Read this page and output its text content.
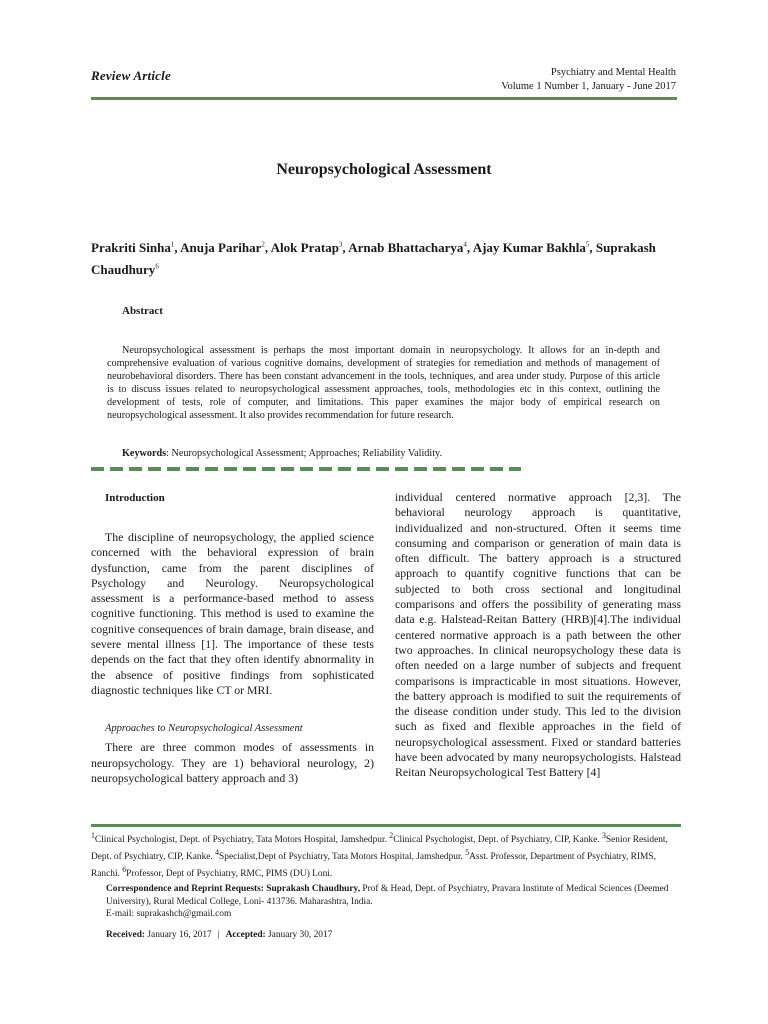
Review Article	Psychiatry and Mental Health
Volume 1 Number 1, January - June 2017
Neuropsychological Assessment
Prakriti Sinha$^1$, Anuja Parihar$^2$, Alok Pratap$^3$, Arnab Bhattacharya$^4$, Ajay Kumar Bakhla$^5$, Suprakash Chaudhury$^6$
Abstract

Neuropsychological assessment is perhaps the most important domain in neuropsychology. It allows for an in-depth and comprehensive evaluation of various cognitive domains, development of strategies for remediation and methods of management of neurobehavioral disorders. There has been constant advancement in the tools, techniques, and area under study. Purpose of this article is to discuss issues related to neuropsychological assessment approaches, tools, methodologies etc in this context, outlining the development of tests, role of computer, and limitations. This paper examines the major body of empirical research on neuropsychological assessment. It also provides recommendation for future research.

Keywords: Neuropsychological Assessment; Approaches; Reliability Validity.
Introduction

The discipline of neuropsychology, the applied science concerned with the behavioral expression of brain dysfunction, came from the parent disciplines of Psychology and Neurology. Neuropsychological assessment is a performance-based method to assess cognitive functioning. This method is used to examine the cognitive consequences of brain damage, brain disease, and severe mental illness [1]. The importance of these tests depends on the fact that they often identify abnormality in the absence of positive findings from sophisticated diagnostic techniques like CT or MRI.

Approaches to Neuropsychological Assessment

There are three common modes of assessments in neuropsychology. They are 1) behavioral neurology, 2) neuropsychological battery approach and 3)

individual centered normative approach [2,3]. The behavioral neurology approach is quantitative, individualized and non-structured. Often it seems time consuming and comparison or generation of main data is often difficult. The battery approach is a structured approach to quantify cognitive functions that can be subjected to both cross sectional and longitudinal comparisons and offers the possibility of generating mass data e.g. Halstead-Reitan Battery (HRB)[4].The individual centered normative approach is a path between the other two approaches. In clinical neuropsychology these data is often needed on a large number of subjects and frequent comparisons is impracticable in most situations. However, the battery approach is modified to suit the requirements of the disease condition under study. This led to the division such as fixed and flexible approaches in the field of neuropsychological assessment. Fixed or standard batteries have been advocated by many neuropsychologists. Halstead Reitan Neuropsychological Test Battery [4]

$^1$Clinical Psychologist, Dept. of Psychiatry, Tata Motors Hospital, Jamshedpur. $^2$Clinical Psychologist, Dept. of Psychiatry, CIP, Kanke. $^3$Senior Resident, Dept. of Psychiatry, CIP, Kanke. $^4$Specialist,Dept of Psychiatry, Tata Motors Hospital, Jamshedpur. $^5$Asst. Professor, Department of Psychiatry, RIMS, Ranchi. $^6$Professor, Dept of Psychiatry, RMC, PIMS (DU) Loni.

Correspondence and Reprint Requests: Suprakash Chaudhury, Prof & Head, Dept. of Psychiatry, Pravara Institute of Medical Sciences (Deemed University), Rural Medical College, Loni- 413736. Maharashtra, India.
E-mail: suprakashch@gmail.com

Received: January 16, 2017 | Accepted: January 30, 2017
